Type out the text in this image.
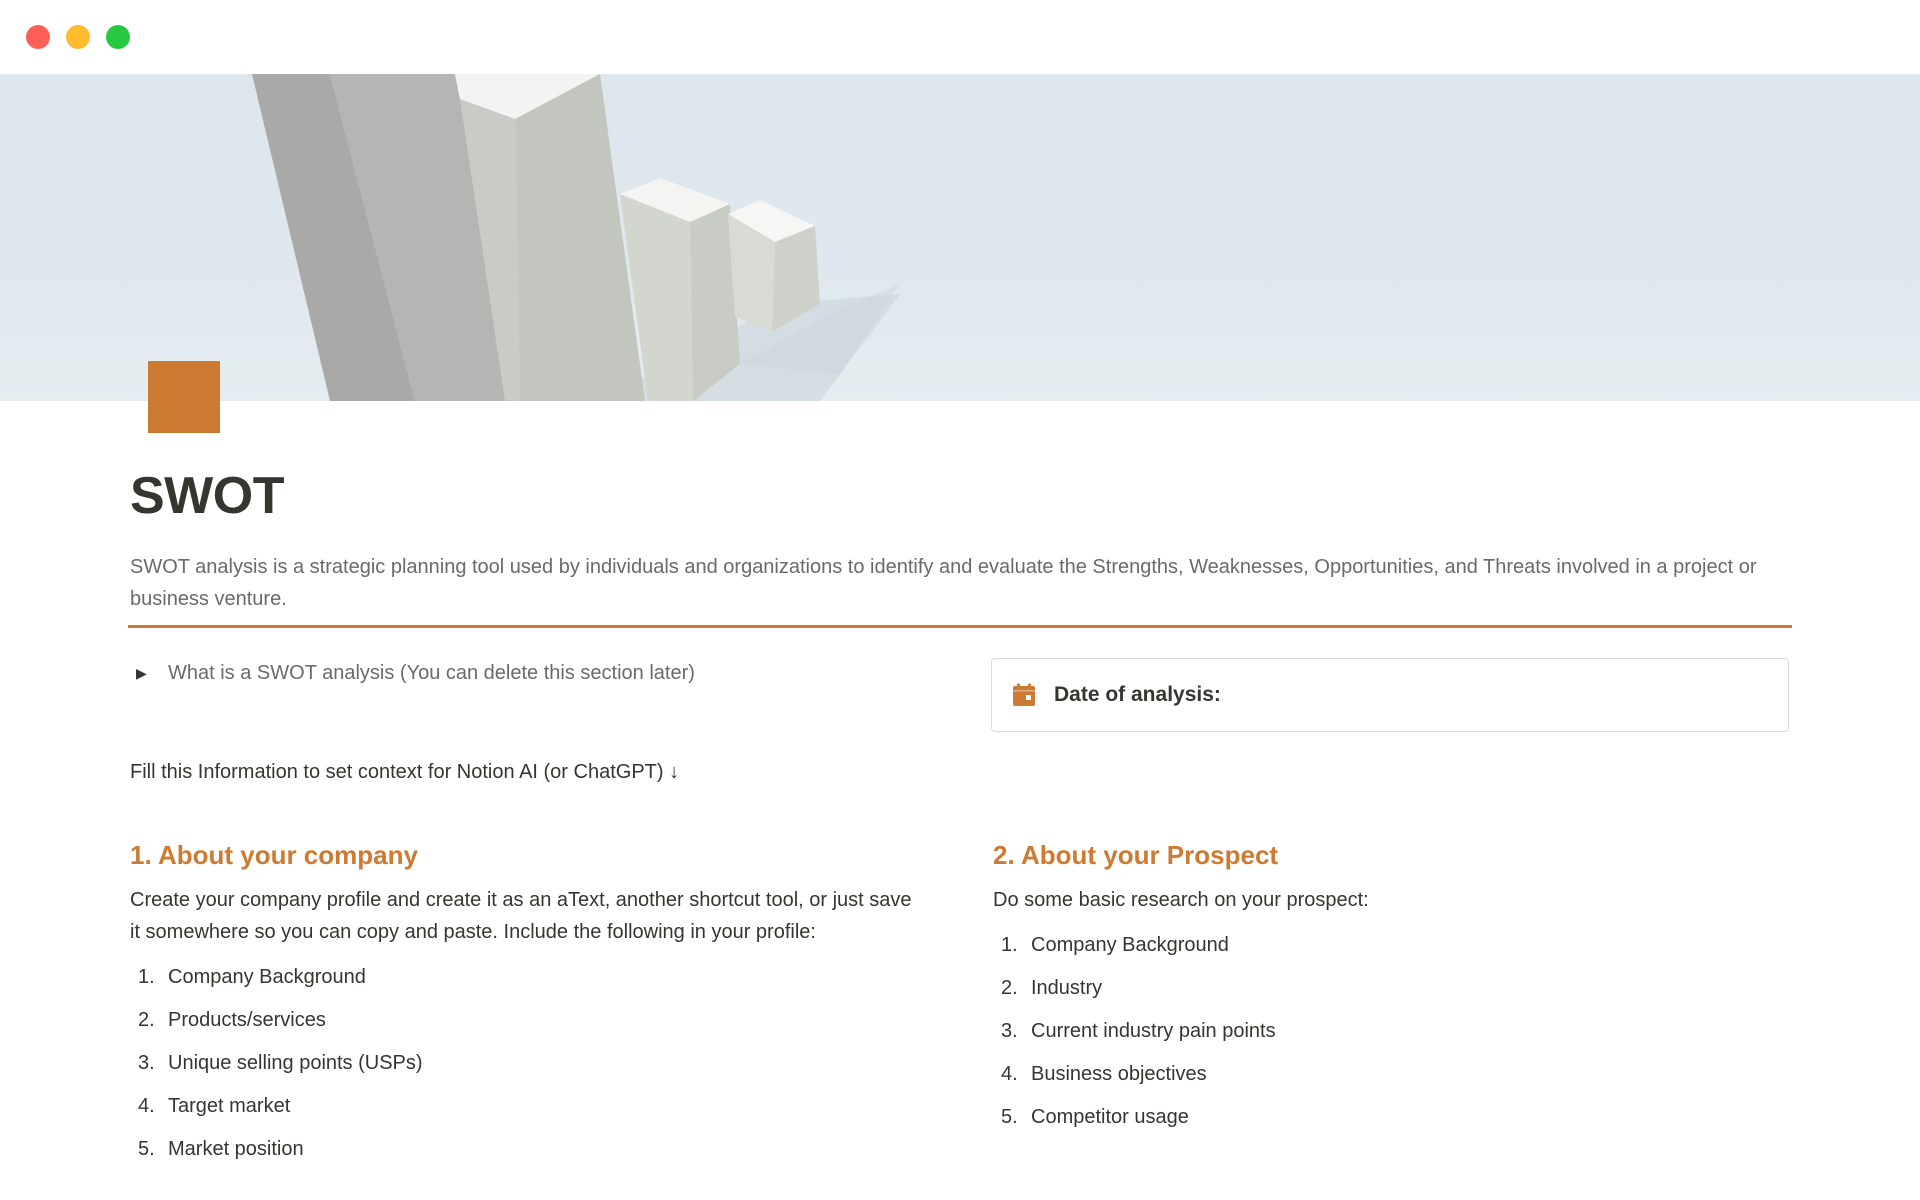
SWOT
SWOT analysis is a strategic planning tool used by individuals and organizations to identify and evaluate the Strengths, Weaknesses, Opportunities, and Threats involved in a project or business venture.
▶	What is a SWOT analysis (You can delete this section later)
Date of analysis:
Fill this Information to set context for Notion AI (or ChatGPT) ↓
1. About your company

Create your company profile and create it as an aText, another shortcut tool, or just save it somewhere so you can copy and paste. Include the following in your profile:

1. Company Background
2. Products/services
3. Unique selling points (USPs)
4. Target market
5. Market position
2. About your Prospect

Do some basic research on your prospect:

1. Company Background
2. Industry
3. Current industry pain points
4. Business objectives
5. Competitor usage
